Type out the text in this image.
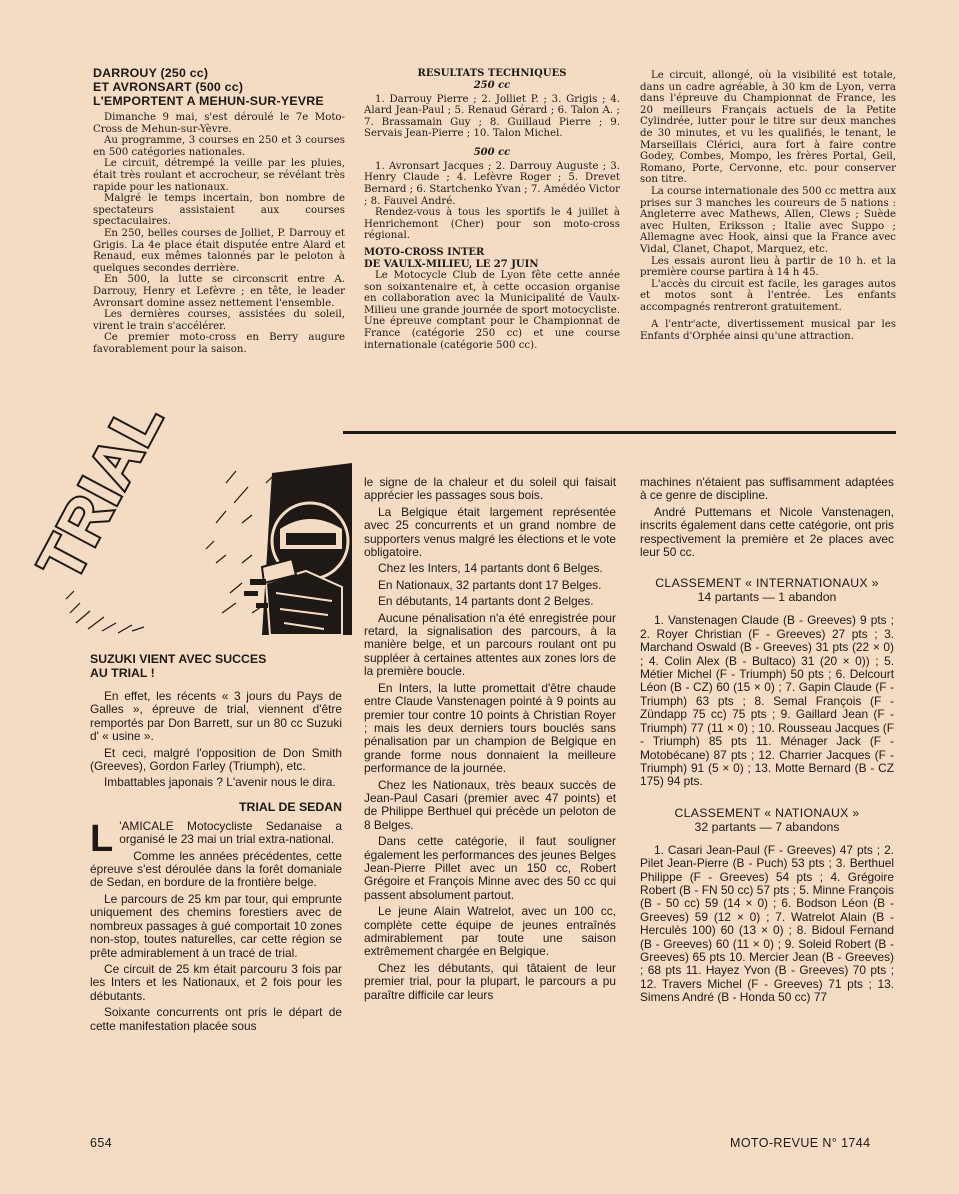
DARROUY (250 cc)
ET AVRONSART (500 cc)
L'EMPORTENT A MEHUN-SUR-YEVRE

Dimanche 9 mai, s'est déroulé le 7e Moto-Cross de Mehun-sur-Yèvre.

Au programme, 3 courses en 250 et 3 courses en 500 catégories nationales.

Le circuit, détrempé la veille par les pluies, était très roulant et accrocheur, se révélant très rapide pour les nationaux.

Malgré le temps incertain, bon nombre de spectateurs assistaient aux courses spectaculaires.

En 250, belles courses de Jolliet, P. Darrouy et Grigis. La 4e place était disputée entre Alard et Renaud, eux mêmes talonnés par le peloton à quelques secondes derrière.

En 500, la lutte se circonscrit entre A. Darrouy, Henry et Lefèvre ; en tête, le leader Avronsart domine assez nettement l'ensemble.

Les dernières courses, assistées du soleil, virent le train s'accélérer.

Ce premier moto-cross en Berry augure favorablement pour la saison.

RESULTATS TECHNIQUES

250 cc

1. Darrouy Pierre ; 2. Jolliet P. ; 3. Grigis ; 4. Alard Jean-Paul ; 5. Renaud Gérard ; 6. Talon A. ; 7. Brassamain Guy ; 8. Guillaud Pierre ; 9. Servais Jean-Pierre ; 10. Talon Michel.

500 cc

1. Avronsart Jacques ; 2. Darrouy Auguste ; 3. Henry Claude ; 4. Lefèvre Roger ; 5. Drevet Bernard ; 6. Startchenko Yvan ; 7. Amédéo Victor ; 8. Fauvel André.

Rendez-vous à tous les sportifs le 4 juillet à Henrichemont (Cher) pour son moto-cross régional.

MOTO-CROSS INTER

DE VAULX-MILIEU, LE 27 JUIN

Le Motocycle Club de Lyon fête cette année son soixantenaire et, à cette occasion organise en collaboration avec la Municipalité de Vaulx-Milieu une grande journée de sport motocycliste. Une épreuve comptant pour le Championnat de France (catégorie 250 cc) et une course internationale (catégorie 500 cc).

Le circuit, allongé, où la visibilité est totale, dans un cadre agréable, à 30 km de Lyon, verra dans l'épreuve du Championnat de France, les 20 meilleurs Français actuels de la Petite Cylindrée, lutter pour le titre sur deux manches de 30 minutes, et vu les qualifiés, le tenant, le Marseillais Clérici, aura fort à faire contre Godey, Combes, Mompo, les frères Portal, Geil, Romano, Porte, Cervonne, etc. pour conserver son titre.

La course internationale des 500 cc mettra aux prises sur 3 manches les coureurs de 5 nations : Angleterre avec Mathews, Allen, Clews ; Suède avec Hulten, Eriksson ; Italie avec Suppo ; Allemagne avec Hook, ainsi que la France avec Vidal, Clanet, Chapot, Marquez, etc.

Les essais auront lieu à partir de 10 h. et la première course partira à 14 h 45.

L'accès du circuit est facile, les garages autos et motos sont à l'entrée. Les enfants accompagnés rentreront gratuitement.

A l'entr'acte, divertissement musical par les Enfants d'Orphée ainsi qu'une attraction.

TRIAL
SUZUKI VIENT AVEC SUCCES
AU TRIAL !

En effet, les récents « 3 jours du Pays de Galles », épreuve de trial, viennent d'être remportés par Don Barrett, sur un 80 cc Suzuki d' « usine ».

Et ceci, malgré l'opposition de Don Smith (Greeves), Gordon Farley (Triumph), etc.

Imbattables japonais ? L'avenir nous le dira.

TRIAL DE SEDAN

L 'AMICALE Motocycliste Sedanaise a organisé le 23 mai un trial extra-national.

Comme les années précédentes, cette épreuve s'est déroulée dans la forêt domaniale de Sedan, en bordure de la frontière belge.

Le parcours de 25 km par tour, qui emprunte uniquement des chemins forestiers avec de nombreux passages à gué comportait 10 zones non-stop, toutes naturelles, car cette région se prête admirablement à un tracé de trial.

Ce circuit de 25 km était parcouru 3 fois par les Inters et les Nationaux, et 2 fois pour les débutants.

Soixante concurrents ont pris le départ de cette manifestation placée sous

le signe de la chaleur et du soleil qui faisait apprécier les passages sous bois.

La Belgique était largement représentée avec 25 concurrents et un grand nombre de supporters venus malgré les élections et le vote obligatoire.

Chez les Inters, 14 partants dont 6 Belges.

En Nationaux, 32 partants dont 17 Belges.

En débutants, 14 partants dont 2 Belges.

Aucune pénalisation n'a été enregistrée pour retard, la signalisation des parcours, à la manière belge, et un parcours roulant ont pu suppléer à certaines attentes aux zones lors de la première boucle.

En Inters, la lutte promettait d'être chaude entre Claude Vanstenagen pointé à 9 points au premier tour contre 10 points à Christian Royer ; mais les deux derniers tours bouclés sans pénalisation par un champion de Belgique en grande forme nous donnaient la meilleure performance de la journée.

Chez les Nationaux, très beaux succès de Jean-Paul Casari (premier avec 47 points) et de Philippe Berthuel qui précède un peloton de 8 Belges.

Dans cette catégorie, il faut souligner également les performances des jeunes Belges Jean-Pierre Pillet avec un 150 cc, Robert Grégoire et François Minne avec des 50 cc qui passent absolument partout.

Le jeune Alain Watrelot, avec un 100 cc, complète cette équipe de jeunes entraînés admirablement par toute une saison extrêmement chargée en Belgique.

Chez les débutants, qui tâtaient de leur premier trial, pour la plupart, le parcours a pu paraître difficile car leurs

machines n'étaient pas suffisamment adaptées à ce genre de discipline.

André Puttemans et Nicole Vanstenagen, inscrits également dans cette catégorie, ont pris respectivement la première et 2e places avec leur 50 cc.

CLASSEMENT « INTERNATIONAUX »

14 partants — 1 abandon

1. Vanstenagen Claude (B - Greeves) 9 pts ; 2. Royer Christian (F - Greeves) 27 pts ; 3. Marchand Oswald (B - Greeves) 31 pts (22 × 0) ; 4. Colin Alex (B - Bultaco) 31 (20 × 0)) ; 5. Métier Michel (F - Triumph) 50 pts ; 6. Delcourt Léon (B - CZ) 60 (15 × 0) ; 7. Gapin Claude (F - Triumph) 63 pts ; 8. Semal François (F - Zündapp 75 cc) 75 pts ; 9. Gaillard Jean (F - Triumph) 77 (11 × 0) ; 10. Rousseau Jacques (F - Triumph) 85 pts 11. Ménager Jack (F - Motobécane) 87 pts ; 12. Charrier Jacques (F - Triumph) 91 (5 × 0) ; 13. Motte Bernard (B - CZ 175) 94 pts.

CLASSEMENT « NATIONAUX »

32 partants — 7 abandons

1. Casari Jean-Paul (F - Greeves) 47 pts ; 2. Pilet Jean-Pierre (B - Puch) 53 pts ; 3. Berthuel Philippe (F - Greeves) 54 pts ; 4. Grégoire Robert (B - FN 50 cc) 57 pts ; 5. Minne François (B - 50 cc) 59 (14 × 0) ; 6. Bodson Léon (B - Greeves) 59 (12 × 0) ; 7. Watrelot Alain (B - Herculès 100) 60 (13 × 0) ; 8. Bidoul Fernand (B - Greeves) 60 (11 × 0) ; 9. Soleid Robert (B - Greeves) 65 pts 10. Mercier Jean (B - Greeves) ; 68 pts 11. Hayez Yvon (B - Greeves) 70 pts ; 12. Travers Michel (F - Greeves) 71 pts ; 13. Simens André (B - Honda 50 cc) 77

654	MOTO-REVUE N° 1744
